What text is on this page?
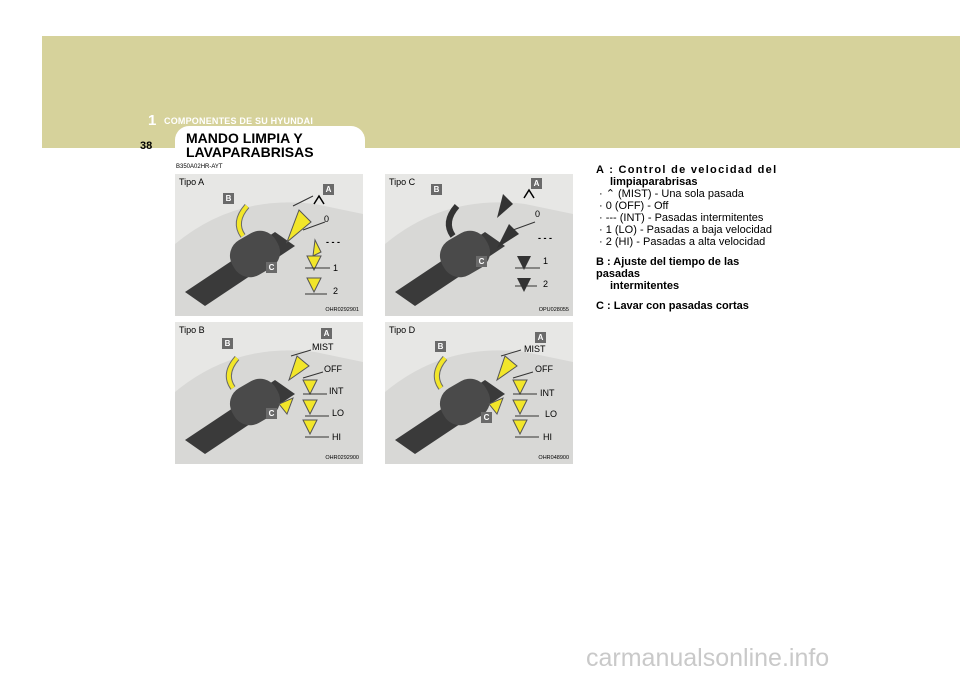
1 COMPONENTES DE SU HYUNDAI
38 MANDO LIMPIA Y
LAVAPARABRISAS
B350A02HR-AYT
Tipo A
A
B
C
0
- - -
1
2
OHR0292901
Tipo C	A
B
C
0
- - -
1
2
OPU028055
Tipo B	A
B
C
MIST
OFF
INT
LO
HI
OHR0292900
Tipo D
A
B
C
MIST
OFF
INT
LO
HI
OHR048900

A : Control de velocidad del

limpiaparabrisas

· ⌃ (MIST) - Una sola pasada

· 0 (OFF) - Off

· --- (INT) - Pasadas intermitentes

· 1 (LO) - Pasadas a baja velocidad

· 2 (HI) - Pasadas a alta velocidad

B : Ajuste del tiempo de las pasadas

intermitentes

C : Lavar con pasadas cortas

carmanualsonline.info
